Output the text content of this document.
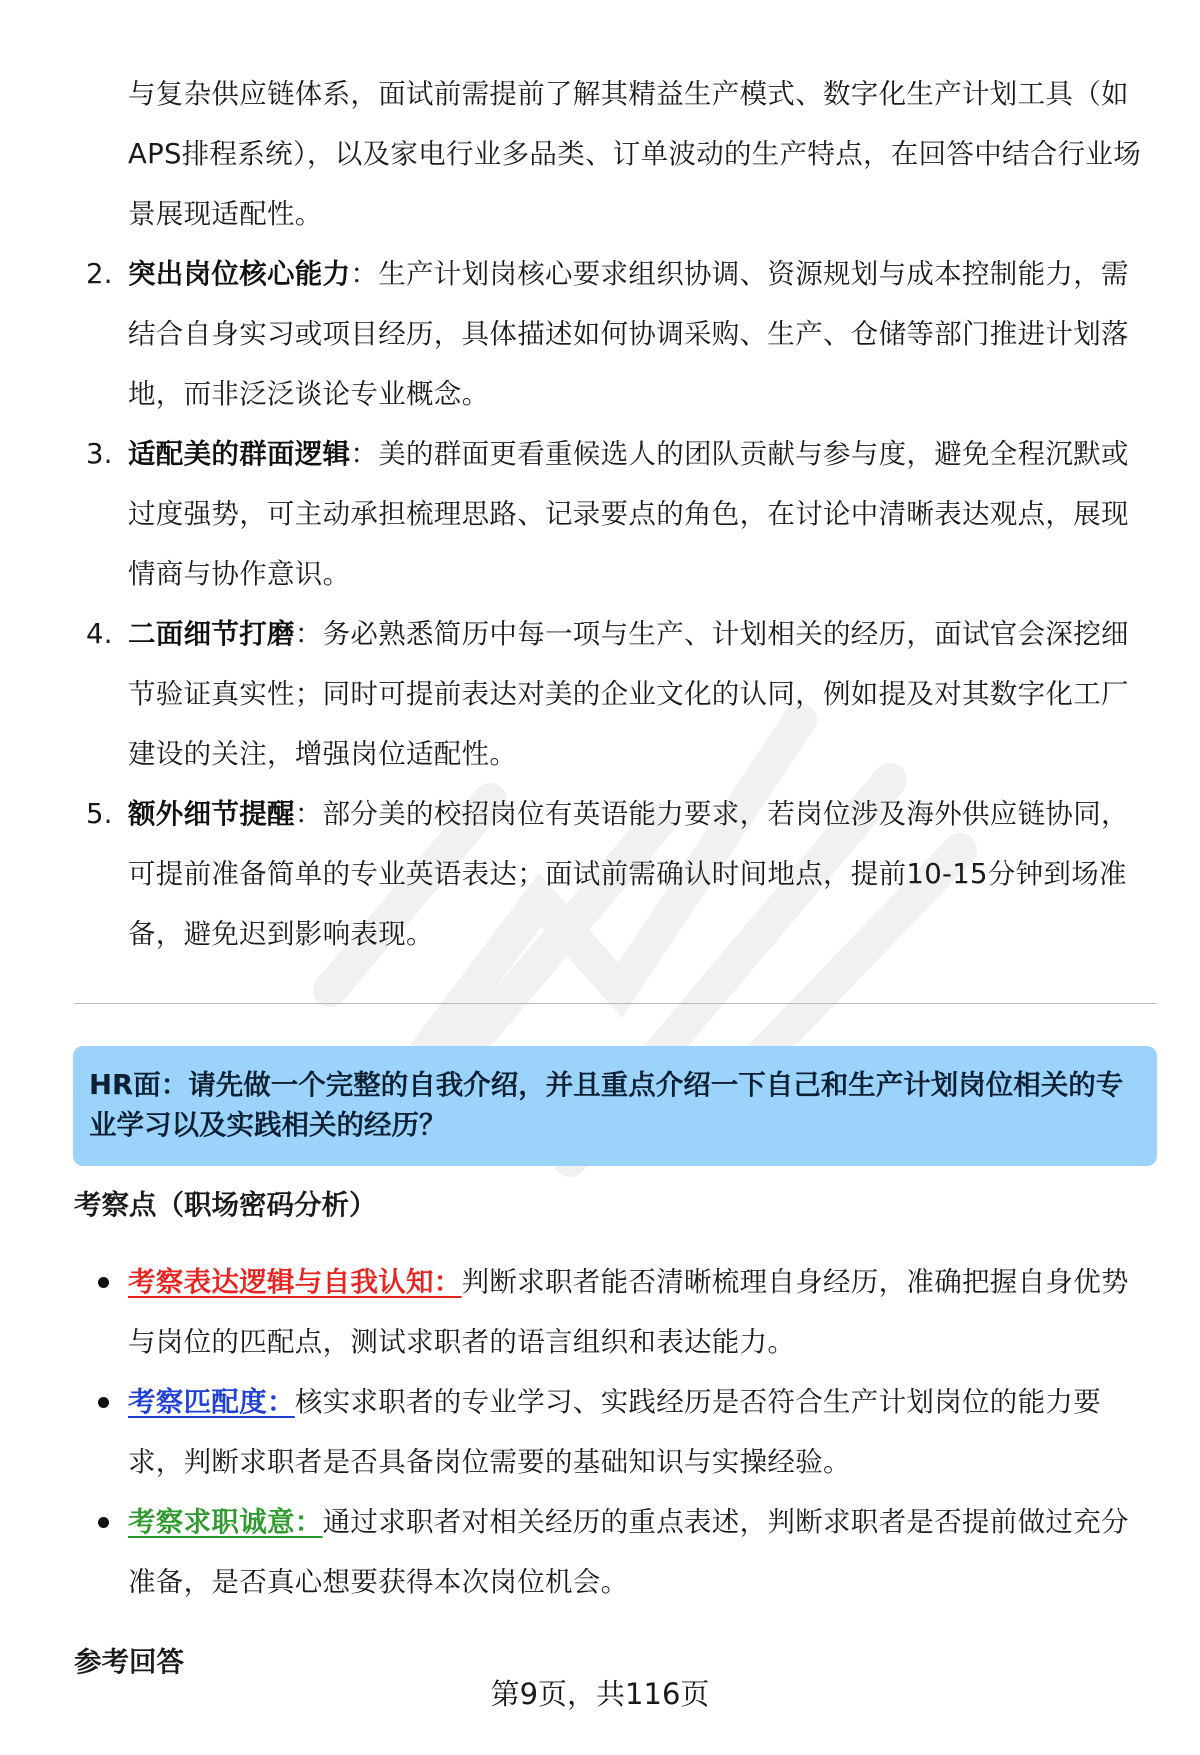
与复杂供应链体系，面试前需提前了解其精益生产模式、数字化生产计划工具（如APS排程系统），以及家电行业多品类、订单波动的生产特点，在回答中结合行业场景展现适配性。
2. 突出岗位核心能力：生产计划岗核心要求组织协调、资源规划与成本控制能力，需结合自身实习或项目经历，具体描述如何协调采购、生产、仓储等部门推进计划落地，而非泛泛谈论专业概念。
3. 适配美的群面逻辑：美的群面更看重候选人的团队贡献与参与度，避免全程沉默或过度强势，可主动承担梳理思路、记录要点的角色，在讨论中清晰表达观点，展现情商与协作意识。
4. 二面细节打磨：务必熟悉简历中每一项与生产、计划相关的经历，面试官会深挖细节验证真实性；同时可提前表达对美的企业文化的认同，例如提及对其数字化工厂建设的关注，增强岗位适配性。
5. 额外细节提醒：部分美的校招岗位有英语能力要求，若岗位涉及海外供应链协同，可提前准备简单的专业英语表达；面试前需确认时间地点，提前10-15分钟到场准备，避免迟到影响表现。
HR面：请先做一个完整的自我介绍，并且重点介绍一下自己和生产计划岗位相关的专业学习以及实践相关的经历？
考察点（职场密码分析）
考察表达逻辑与自我认知：判断求职者能否清晰梳理自身经历，准确把握自身优势与岗位的匹配点，测试求职者的语言组织和表达能力。
考察匹配度：核实求职者的专业学习、实践经历是否符合生产计划岗位的能力要求，判断求职者是否具备岗位需要的基础知识与实操经验。
考察求职诚意：通过求职者对相关经历的重点表述，判断求职者是否提前做过充分准备，是否真心想要获得本次岗位机会。
参考回答
第9页，共116页
